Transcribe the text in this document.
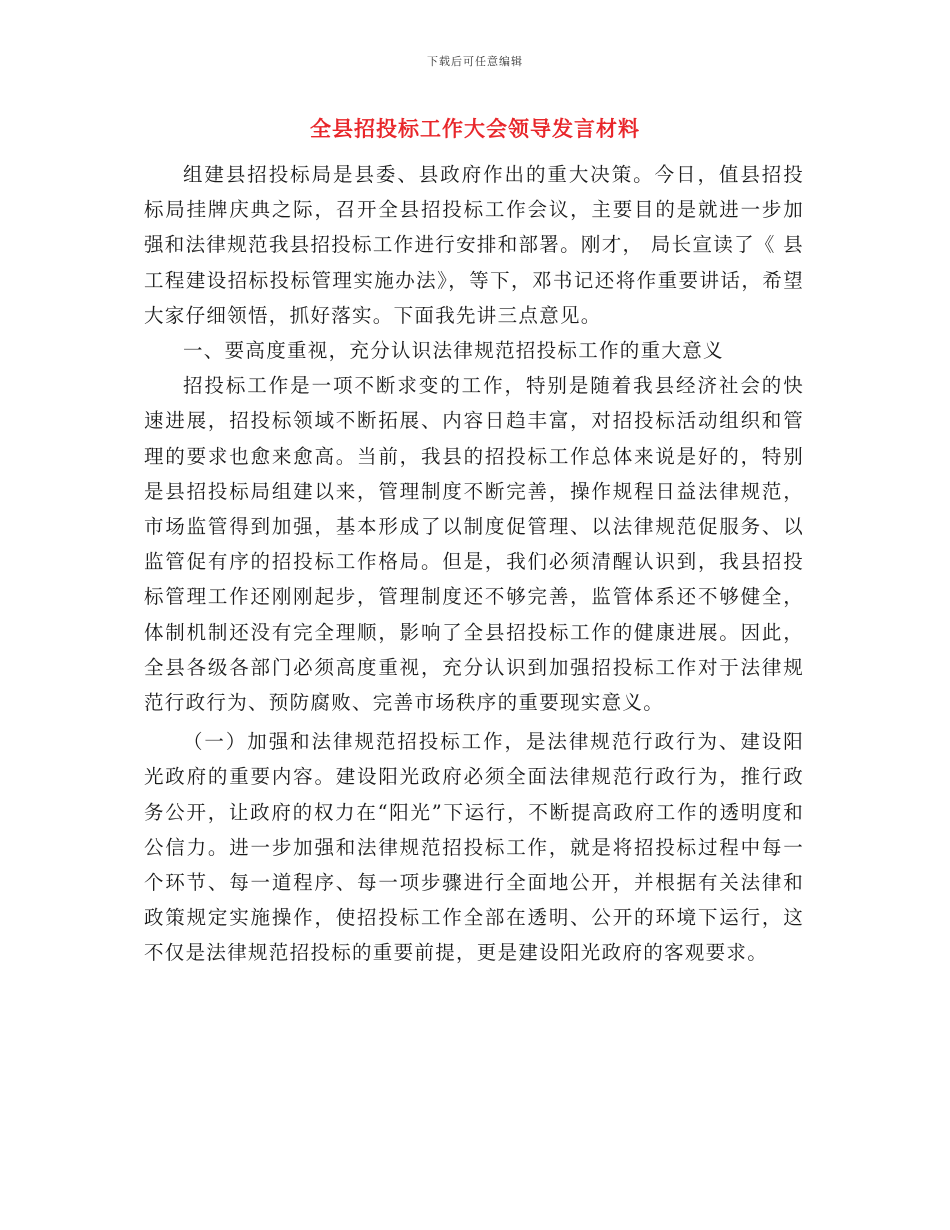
下载后可任意编辑
全县招投标工作大会领导发言材料

组建县招投标局是县委、县政府作出的重大决策。今日，值县招投标局挂牌庆典之际，召开全县招投标工作会议，主要目的是就进一步加强和法律规范我县招投标工作进行安排和部署。刚才， 局长宣读了《 县工程建设招标投标管理实施办法》，等下，邓书记还将作重要讲话，希望大家仔细领悟，抓好落实。下面我先讲三点意见。

一、要高度重视，充分认识法律规范招投标工作的重大意义

招投标工作是一项不断求变的工作，特别是随着我县经济社会的快速进展，招投标领域不断拓展、内容日趋丰富，对招投标活动组织和管理的要求也愈来愈高。当前，我县的招投标工作总体来说是好的，特别是县招投标局组建以来，管理制度不断完善，操作规程日益法律规范，市场监管得到加强，基本形成了以制度促管理、以法律规范促服务、以监管促有序的招投标工作格局。但是，我们必须清醒认识到，我县招投标管理工作还刚刚起步，管理制度还不够完善，监管体系还不够健全，体制机制还没有完全理顺，影响了全县招投标工作的健康进展。因此，全县各级各部门必须高度重视，充分认识到加强招投标工作对于法律规范行政行为、预防腐败、完善市场秩序的重要现实意义。

（一）加强和法律规范招投标工作，是法律规范行政行为、建设阳光政府的重要内容。建设阳光政府必须全面法律规范行政行为，推行政务公开，让政府的权力在“阳光”下运行，不断提高政府工作的透明度和公信力。进一步加强和法律规范招投标工作，就是将招投标过程中每一个环节、每一道程序、每一项步骤进行全面地公开，并根据有关法律和政策规定实施操作，使招投标工作全部在透明、公开的环境下运行，这不仅是法律规范招投标的重要前提，更是建设阳光政府的客观要求。
